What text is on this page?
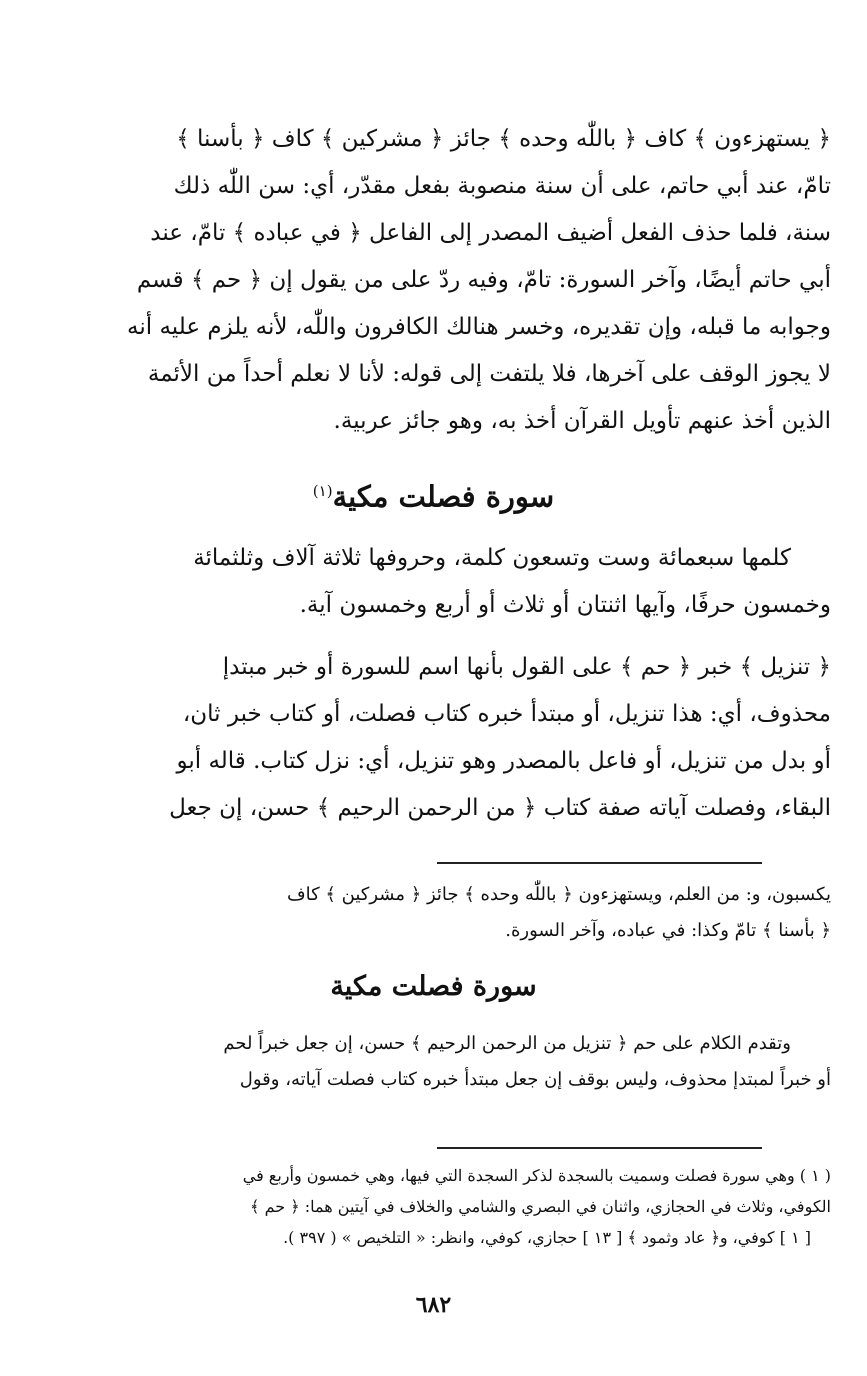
﴿ يستهزءون ﴾ كاف ﴿ باللّٰه وحده ﴾ جائز ﴿ مشركين ﴾ كاف ﴿ بأسنا ﴾

تامّ، عند أبي حاتم، على أن سنة منصوبة بفعل مقدّر، أي: سن اللّٰه ذلك

سنة، فلما حذف الفعل أضيف المصدر إلى الفاعل ﴿ في عباده ﴾ تامّ، عند

أبي حاتم أيضًا، وآخر السورة: تامّ، وفيه ردّ على من يقول إن ﴿ حم ﴾ قسم

وجوابه ما قبله، وإن تقديره، وخسر هنالك الكافرون واللّٰه، لأنه يلزم عليه أنه

لا يجوز الوقف على آخرها، فلا يلتفت إلى قوله: لأنا لا نعلم أحداً من الأئمة

الذين أخذ عنهم تأويل القرآن أخذ به، وهو جائز عربية.

سورة فصلت مكية$^{(١)}$

كلمها سبعمائة وست وتسعون كلمة، وحروفها ثلاثة آلاف وثلثمائة

وخمسون حرفًا، وآيها اثنتان أو ثلاث أو أربع وخمسون آية.

﴿ تنزيل ﴾ خبر ﴿ حم ﴾ على القول بأنها اسم للسورة أو خبر مبتدإ

محذوف، أي: هذا تنزيل، أو مبتدأ خبره كتاب فصلت، أو كتاب خبر ثان،

أو بدل من تنزيل، أو فاعل بالمصدر وهو تنزيل، أي: نزل كتاب. قاله أبو

البقاء، وفصلت آياته صفة كتاب ﴿ من الرحمن الرحيم ﴾ حسن، إن جعل

يكسبون، و: من العلم، ويستهزءون ﴿ باللّٰه وحده ﴾ جائز ﴿ مشركين ﴾ كاف

﴿ بأسنا ﴾ تامّ وكذا: في عباده، وآخر السورة.

سورة فصلت مكية

وتقدم الكلام على حم ﴿ تنزيل من الرحمن الرحيم ﴾ حسن، إن جعل خبراً لحم

أو خبراً لمبتدإ محذوف، وليس بوقف إن جعل مبتدأ خبره كتاب فصلت آياته، وقول

( ١ ) وهي سورة فصلت وسميت بالسجدة لذكر السجدة التي فيها، وهي خمسون وأربع في

الكوفي، وثلاث في الحجازي، واثنان في البصري والشامي والخلاف في آيتين هما: ﴿ حم ﴾

[ ١ ] كوفي، و﴿ عاد وثمود ﴾ [ ١٣ ] حجازي، كوفي، وانظر: « التلخيص » ( ٣٩٧ ).

٦٨٢
